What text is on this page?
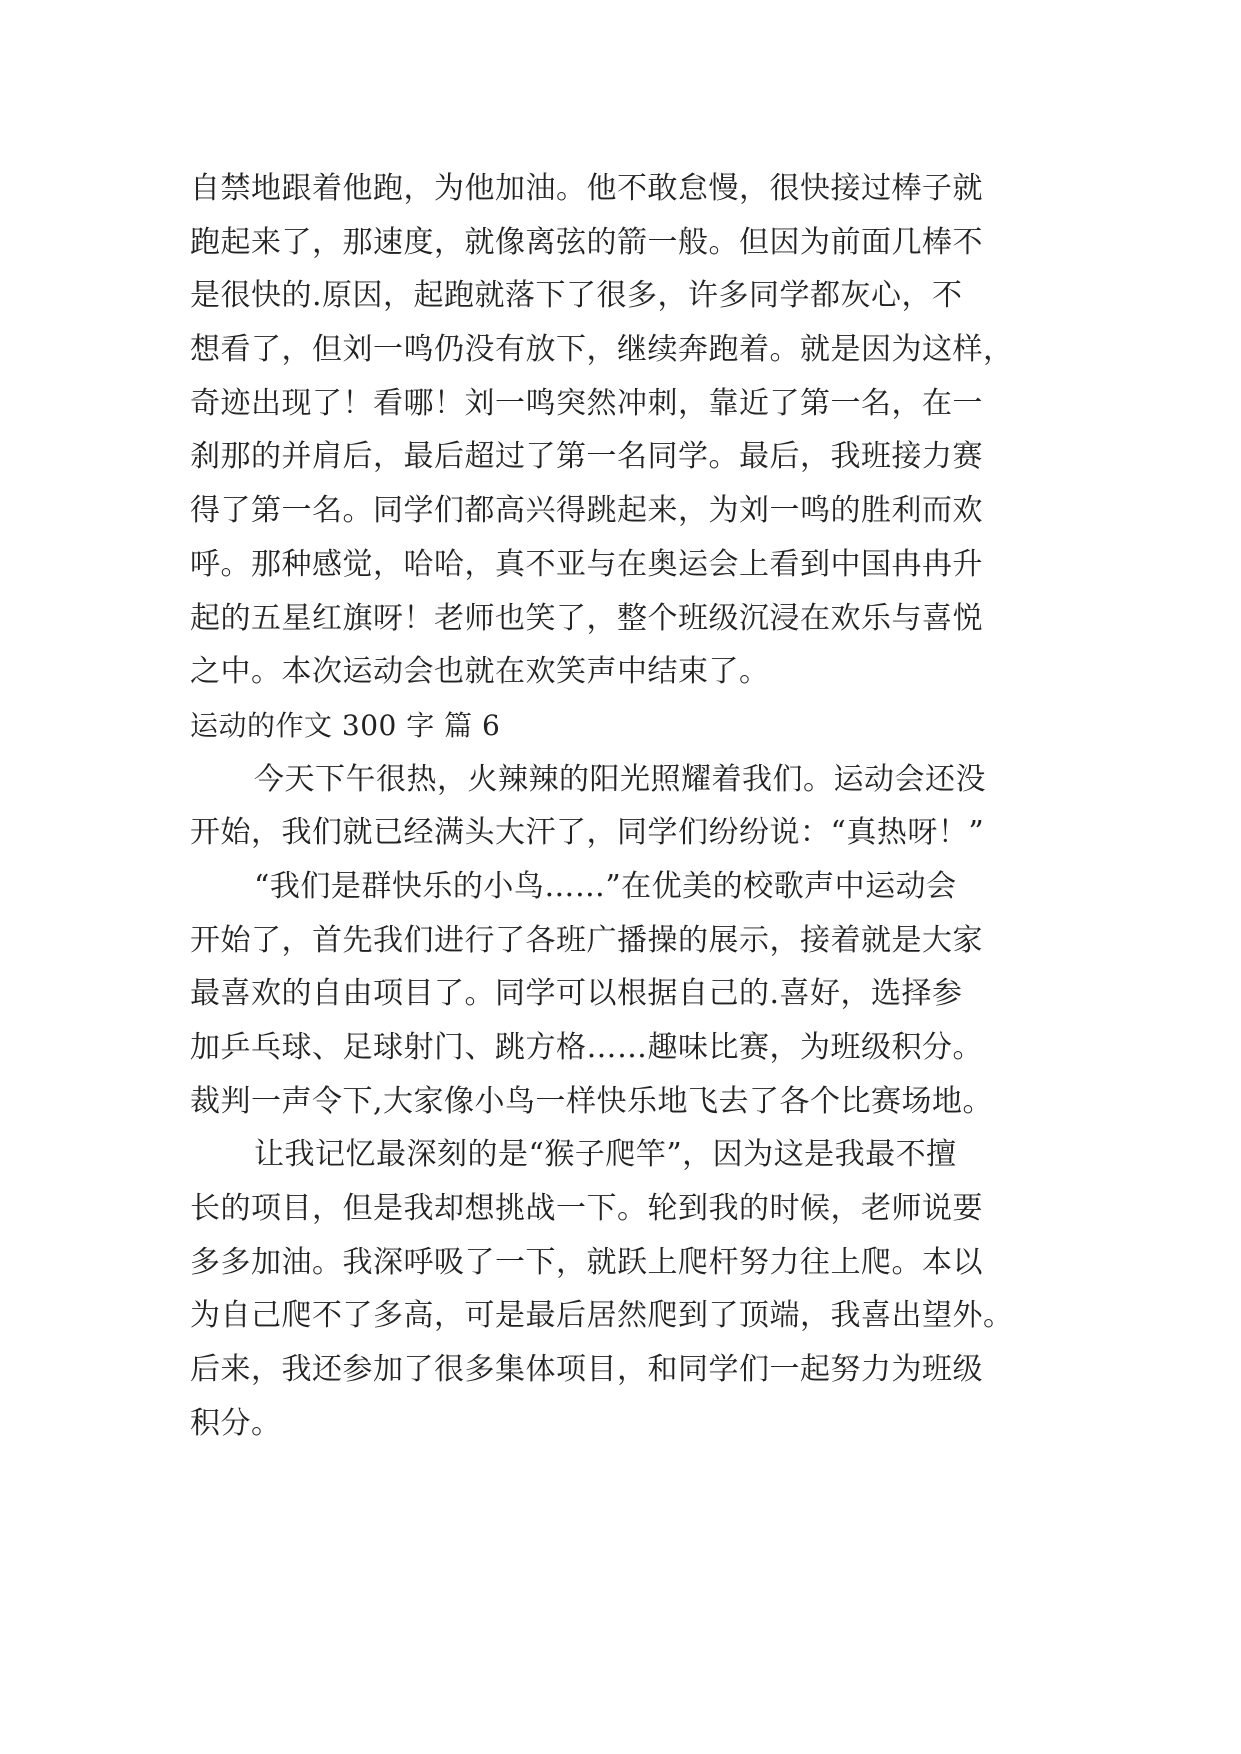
自禁地跟着他跑，为他加油。他不敢怠慢，很快接过棒子就
跑起来了，那速度，就像离弦的箭一般。但因为前面几棒不
是很快的.原因，起跑就落下了很多，许多同学都灰心，不
想看了，但刘一鸣仍没有放下，继续奔跑着。就是因为这样，
奇迹出现了！看哪！刘一鸣突然冲刺，靠近了第一名，在一
刹那的并肩后，最后超过了第一名同学。最后，我班接力赛
得了第一名。同学们都高兴得跳起来，为刘一鸣的胜利而欢
呼。那种感觉，哈哈，真不亚与在奥运会上看到中国冉冉升
起的五星红旗呀！老师也笑了，整个班级沉浸在欢乐与喜悦
之中。本次运动会也就在欢笑声中结束了。
运动的作文 300 字 篇 6
今天下午很热，火辣辣的阳光照耀着我们。运动会还没
开始，我们就已经满头大汗了，同学们纷纷说：“真热呀！”
“我们是群快乐的小鸟……”在优美的校歌声中运动会
开始了，首先我们进行了各班广播操的展示，接着就是大家
最喜欢的自由项目了。同学可以根据自己的.喜好，选择参
加乒乓球、足球射门、跳方格……趣味比赛，为班级积分。
裁判一声令下,大家像小鸟一样快乐地飞去了各个比赛场地。
让我记忆最深刻的是“猴子爬竿”，因为这是我最不擅
长的项目，但是我却想挑战一下。轮到我的时候，老师说要
多多加油。我深呼吸了一下，就跃上爬杆努力往上爬。本以
为自己爬不了多高，可是最后居然爬到了顶端，我喜出望外。
后来，我还参加了很多集体项目，和同学们一起努力为班级
积分。
